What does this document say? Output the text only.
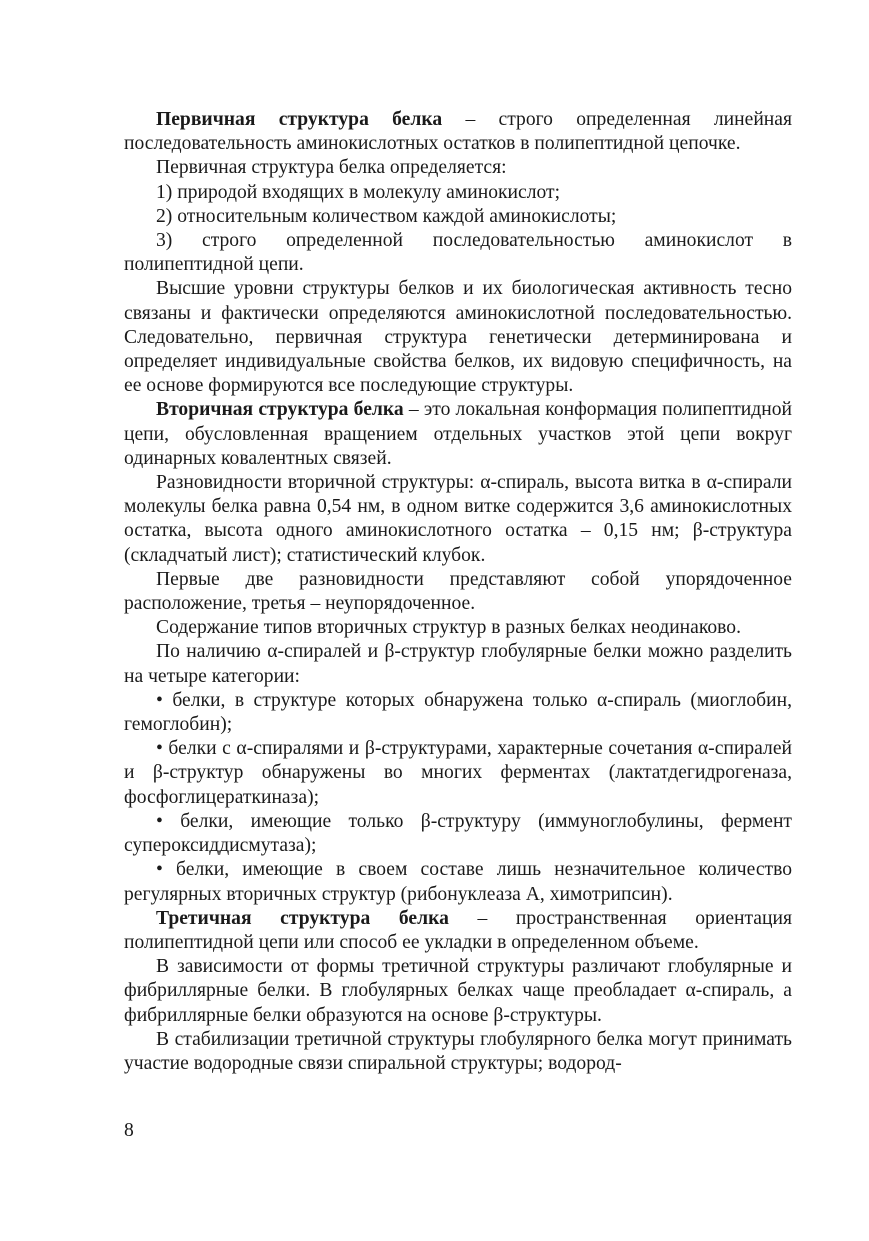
Первичная структура белка – строго определенная линейная последовательность аминокислотных остатков в полипептидной цепочке.

Первичная структура белка определяется:

1) природой входящих в молекулу аминокислот;

2) относительным количеством каждой аминокислоты;

3) строго определенной последовательностью аминокислот в полипептидной цепи.

Высшие уровни структуры белков и их биологическая активность тесно связаны и фактически определяются аминокислотной последовательностью. Следовательно, первичная структура генетически детерминирована и определяет индивидуальные свойства белков, их видовую специфичность, на ее основе формируются все последующие структуры.

Вторичная структура белка – это локальная конформация полипептидной цепи, обусловленная вращением отдельных участков этой цепи вокруг одинарных ковалентных связей.

Разновидности вторичной структуры: α-спираль, высота витка в α-спирали молекулы белка равна 0,54 нм, в одном витке содержится 3,6 аминокислотных остатка, высота одного аминокислотного остатка – 0,15 нм; β-структура (складчатый лист); статистический клубок.

Первые две разновидности представляют собой упорядоченное расположение, третья – неупорядоченное.

Содержание типов вторичных структур в разных белках неодинаково.

По наличию α-спиралей и β-структур глобулярные белки можно разделить на четыре категории:

• белки, в структуре которых обнаружена только α-спираль (миоглобин, гемоглобин);

• белки с α-спиралями и β-структурами, характерные сочетания α-спиралей и β-структур обнаружены во многих ферментах (лактатдегидрогеназа, фосфоглицераткиназа);

• белки, имеющие только β-структуру (иммуноглобулины, фермент супероксиддисмутаза);

• белки, имеющие в своем составе лишь незначительное количество регулярных вторичных структур (рибонуклеаза А, химотрипсин).

Третичная структура белка – пространственная ориентация полипептидной цепи или способ ее укладки в определенном объеме.

В зависимости от формы третичной структуры различают глобулярные и фибриллярные белки. В глобулярных белках чаще преобладает α-спираль, а фибриллярные белки образуются на основе β-структуры.

В стабилизации третичной структуры глобулярного белка могут принимать участие водородные связи спиральной структуры; водород-

8
